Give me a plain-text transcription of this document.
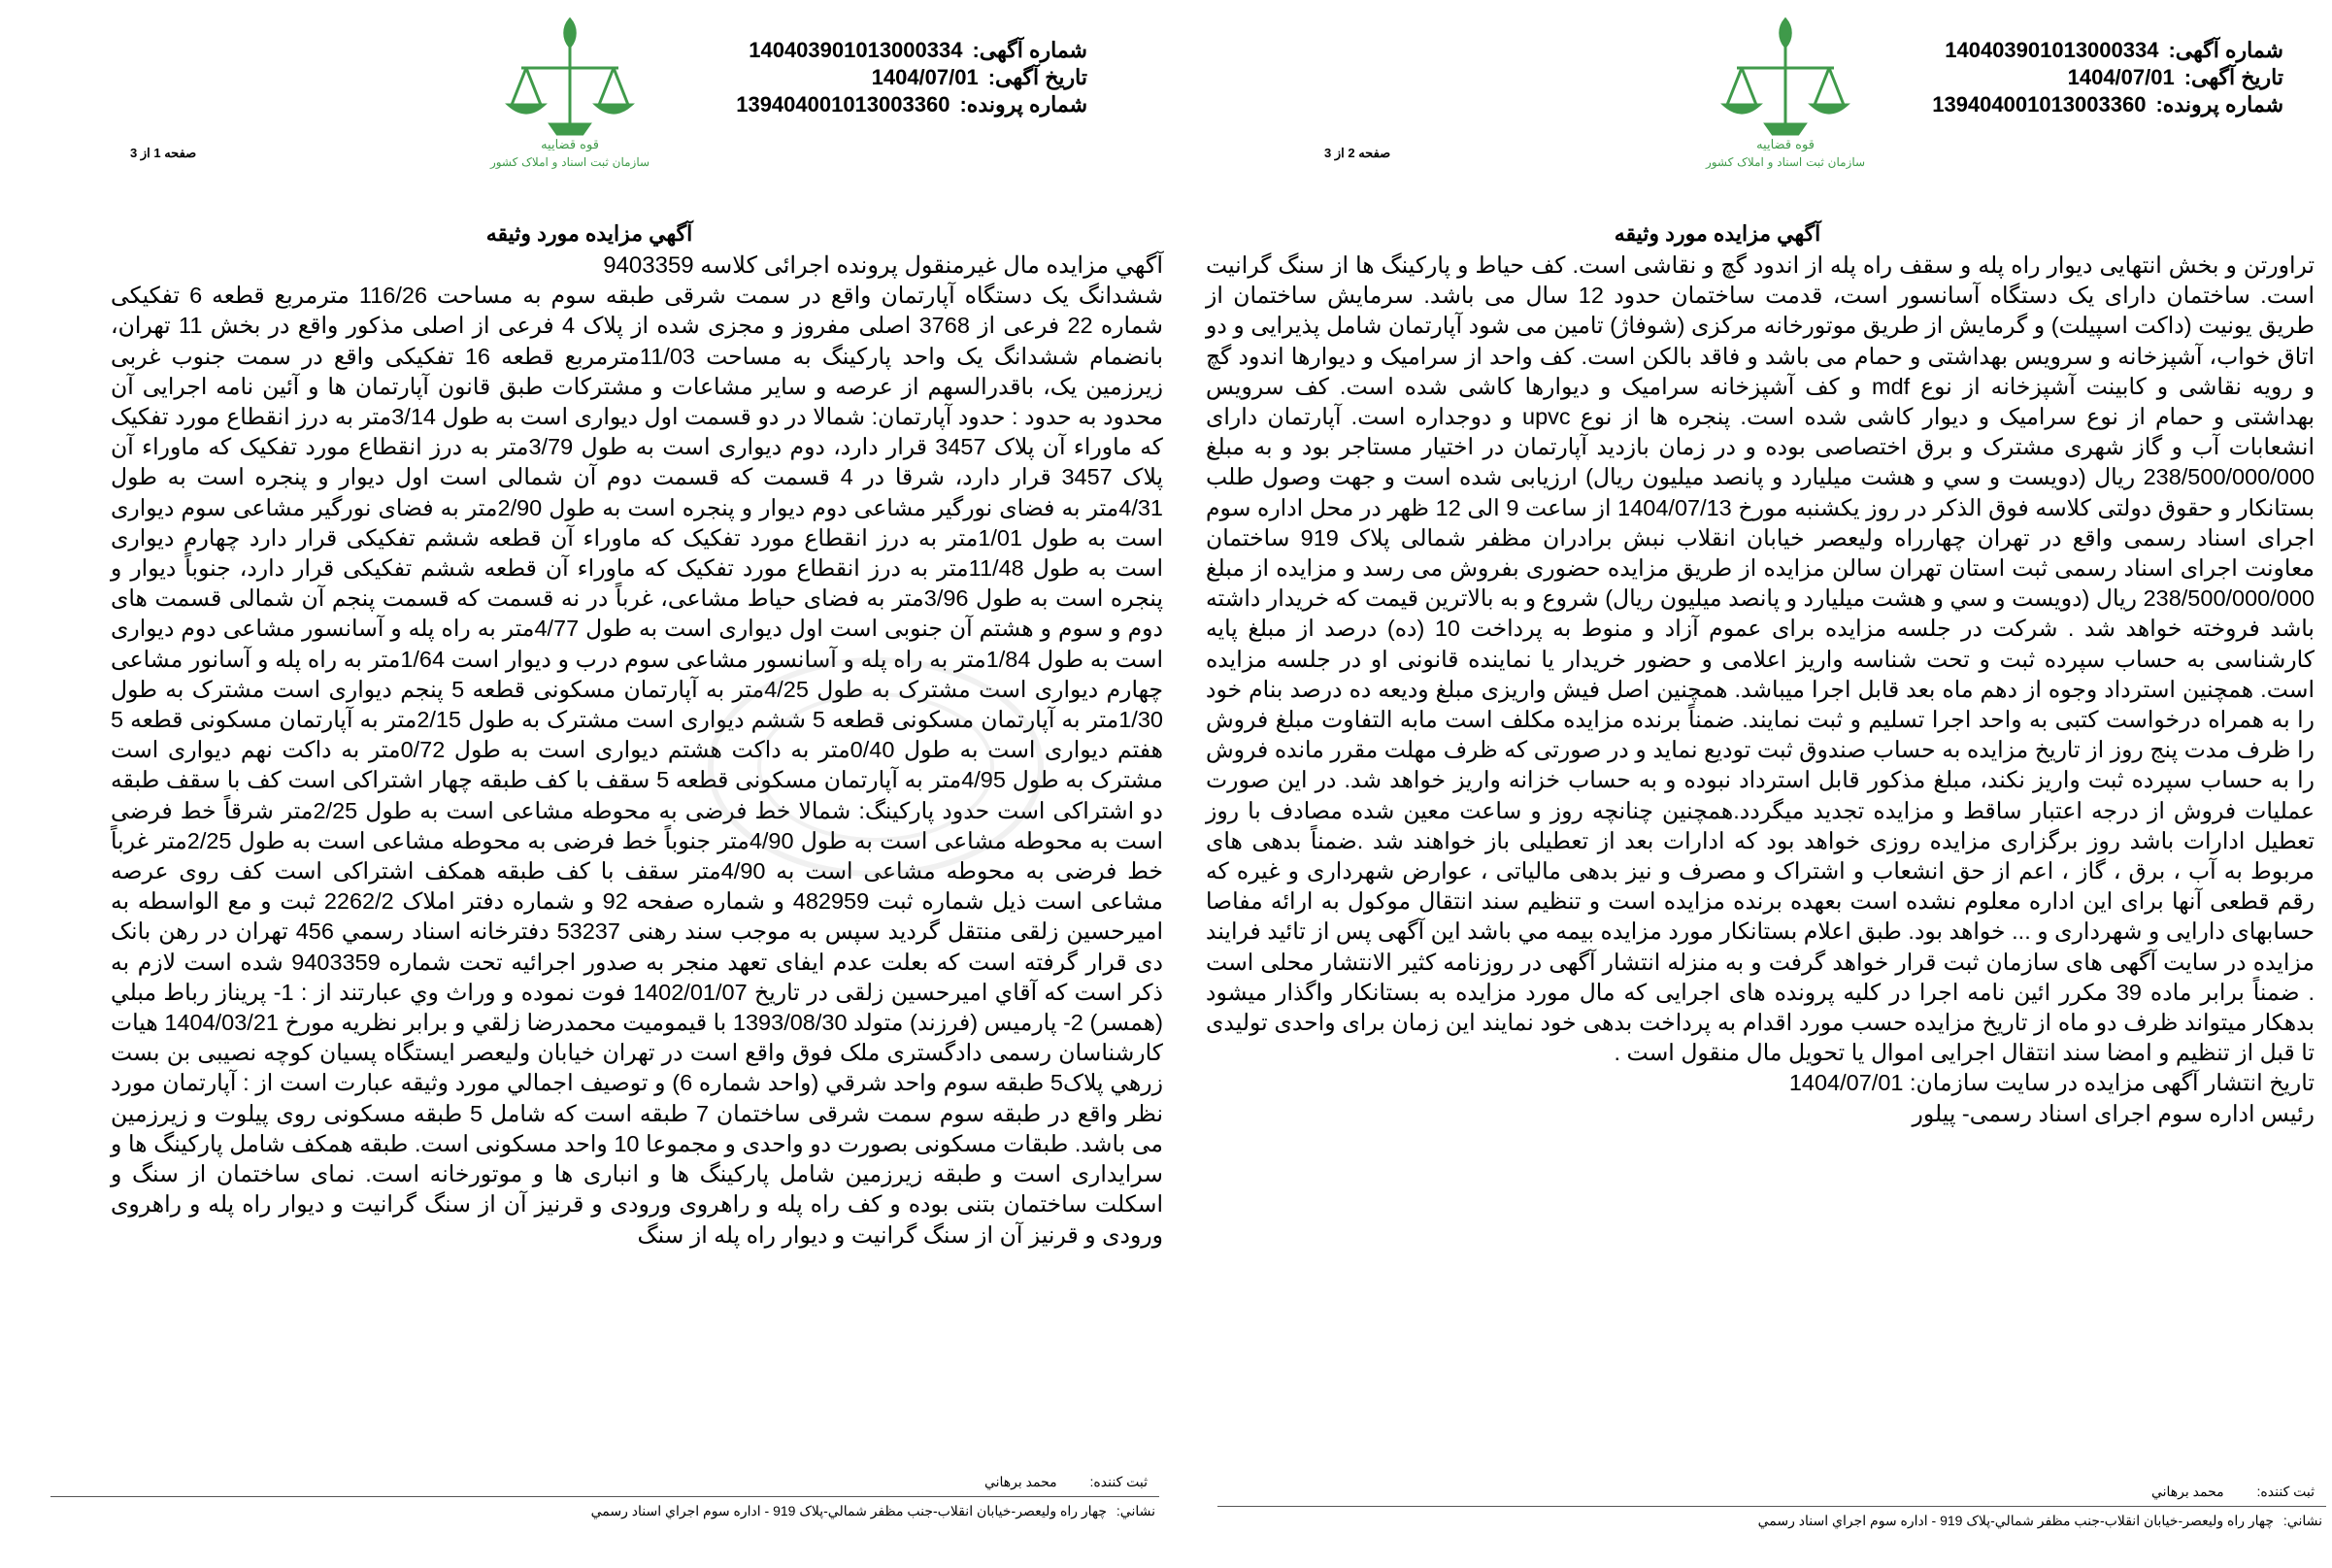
قوه قضاییه
سازمان ثبت اسناد و املاک کشور
شماره آگهی:140403901013000334
تاریخ آگهی:1404/07/01
شماره پرونده:139404001013003360
صفحه 2 از 3
آگهي مزايده مورد وثيقه

تراورتن و بخش انتهایی دیوار راه پله و سقف راه پله از اندود گچ و نقاشی است. کف حیاط و پارکینگ ها از سنگ گرانیت است. ساختمان دارای یک دستگاه آسانسور است، قدمت ساختمان حدود 12 سال می باشد. سرمایش ساختمان از طریق یونیت (داکت اسپیلت) و گرمایش از طریق موتورخانه مرکزی (شوفاژ) تامین می شود آپارتمان شامل پذیرایی و دو اتاق خواب، آشپزخانه و سرویس بهداشتی و حمام می باشد و فاقد بالکن است. کف واحد از سرامیک و دیوارها اندود گچ و رویه نقاشی و کابینت آشپزخانه از نوع mdf و کف آشپزخانه سرامیک و دیوارها کاشی شده است. کف سرویس بهداشتی و حمام از نوع سرامیک و دیوار کاشی شده است. پنجره ها از نوع upvc و دوجداره است. آپارتمان دارای انشعابات آب و گاز شهری مشترک و برق اختصاصی بوده و در زمان بازدید آپارتمان در اختیار مستاجر بود و به مبلغ 238/500/000/000 ريال (دويست و سي و هشت ميليارد و پانصد ميليون ريال) ارزيابی شده است و جهت وصول طلب بستانکار و حقوق دولتی کلاسه فوق الذکر در روز یکشنبه مورخ 1404/07/13 از ساعت 9 الی 12 ظهر در محل اداره سوم اجرای اسناد رسمی واقع در تهران چهارراه ولیعصر خیابان انقلاب نبش برادران مظفر شمالی پلاک 919 ساختمان معاونت اجرای اسناد رسمی ثبت استان تهران سالن مزایده از طريق مزايده حضوری بفروش می رسد و مزايده از مبلغ 238/500/000/000 ريال (دويست و سي و هشت ميليارد و پانصد ميليون ريال) شروع و به بالاترين قيمت كه خريدار داشته باشد فروخته خواهد شد . شركت در جلسه مزايده برای عموم آزاد و منوط به پرداخت 10 (ده) درصد از مبلغ پايه كارشناسی به حساب سپرده ثبت و تحت شناسه واريز اعلامی و حضور خريدار يا نماينده قانونی او در جلسه مزايده است. همچنين استرداد وجوه از دهم ماه بعد قابل اجرا ميباشد. همچنين اصل فيش واريزی مبلغ وديعه ده درصد بنام خود را به همراه درخواست كتبی به واحد اجرا تسليم و ثبت نمايند. ضمناً برنده مزايده مكلف است مابه التفاوت مبلغ فروش را ظرف مدت پنج روز از تاريخ مزايده به حساب صندوق ثبت توديع نمايد و در صورتی كه ظرف مهلت مقرر مانده فروش را به حساب سپرده ثبت واريز نكند، مبلغ مذكور قابل استرداد نبوده و به حساب خزانه واريز خواهد شد. در اين صورت عمليات فروش از درجه اعتبار ساقط و مزايده تجديد ميگردد.همچنين چنانچه روز و ساعت معين شده مصادف با روز تعطيل ادارات باشد روز برگزاری مزايده روزی خواهد بود كه ادارات بعد از تعطيلی باز خواهند شد .ضمناً بدهی های مربوط به آب ، برق ، گاز ، اعم از حق انشعاب و اشتراک و مصرف و نيز بدهی مالياتی ، عوارض شهرداری و غيره كه رقم قطعی آنها برای اين اداره معلوم نشده است بعهده برنده مزايده است و تنظيم سند انتقال موكول به ارائه مفاصا حسابهای دارايی و شهرداری و ... خواهد بود. طبق اعلام بستانکار مورد مزايده بيمه مي باشد اين آگهی پس از تائيد فرايند مزايده در سايت آگهی های سازمان ثبت قرار خواهد گرفت و به منزله انتشار آگهی در روزنامه كثير الانتشار محلی است . ضمناً برابر ماده 39 مكرر ائين نامه اجرا در كليه پرونده های اجرايی كه مال مورد مزايده به بستانكار واگذار ميشود بدهكار ميتواند ظرف دو ماه از تاريخ مزايده حسب مورد اقدام به پرداخت بدهی خود نمايند اين زمان برای واحدی توليدی تا قبل از تنظيم و امضا سند انتقال اجرايی اموال يا تحويل مال منقول است .

تاریخ انتشار آگهی مزایده در سایت سازمان: 1404/07/01

رئيس اداره سوم اجرای اسناد رسمی- پیلور

ثبت کننده: محمد برهاني
نشاني: چهار راه وليعصر-خيابان انقلاب-جنب مظفر شمالي-پلاک 919 - اداره سوم اجراي اسناد رسمي
قوه قضاییه
سازمان ثبت اسناد و املاک کشور
شماره آگهی:140403901013000334
تاریخ آگهی:1404/07/01
شماره پرونده:139404001013003360
صفحه 1 از 3
آگهي مزايده مورد وثيقه

آگهي مزايده مال غيرمنقول پرونده اجرائی کلاسه 9403359

ششدانگ يک دستگاه آپارتمان واقع در سمت شرقی طبقه سوم به مساحت 116/26 مترمربع قطعه 6 تفکیکی شماره 22 فرعی از 3768 اصلی مفروز و مجزی شده از پلاک 4 فرعی از اصلی مذکور واقع در بخش 11 تهران، بانضمام ششدانگ یک واحد پارکینگ به مساحت 11/03مترمربع قطعه 16 تفکیکی واقع در سمت جنوب غربی زیرزمین یک، باقدرالسهم از عرصه و سایر مشاعات و مشترکات طبق قانون آپارتمان ها و آئین نامه اجرایی آن محدود به حدود : حدود آپارتمان: شمالا در دو قسمت اول دیواری است به طول 3/14متر به درز انقطاع مورد تفکیک که ماوراء آن پلاک 3457 قرار دارد، دوم دیواری است به طول 3/79متر به درز انقطاع مورد تفکیک که ماوراء آن پلاک 3457 قرار دارد، شرقا در 4 قسمت که قسمت دوم آن شمالی است اول دیوار و پنجره است به طول 4/31متر به فضای نورگیر مشاعی دوم دیوار و پنجره است به طول 2/90متر به فضای نورگیر مشاعی سوم دیواری است به طول 1/01متر به درز انقطاع مورد تفکیک که ماوراء آن قطعه ششم تفکیکی قرار دارد چهارم دیواری است به طول 11/48متر به درز انقطاع مورد تفکیک که ماوراء آن قطعه ششم تفکیکی قرار دارد، جنوباً دیوار و پنجره است به طول 3/96متر به فضای حیاط مشاعی، غرباً در نه قسمت که قسمت پنجم آن شمالی قسمت های دوم و سوم و هشتم آن جنوبی است اول دیواری است به طول 4/77متر به راه پله و آسانسور مشاعی دوم دیواری است به طول 1/84متر به راه پله و آسانسور مشاعی سوم درب و دیوار است 1/64متر به راه پله و آسانور مشاعی چهارم دیواری است مشترک به طول 4/25متر به آپارتمان مسکونی قطعه 5 پنجم دیواری است مشترک به طول 1/30متر به آپارتمان مسکونی قطعه 5 ششم دیواری است مشترک به طول 2/15متر به آپارتمان مسکونی قطعه 5 هفتم دیواری است به طول 0/40متر به داکت هشتم دیواری است به طول 0/72متر به داکت نهم دیواری است مشترک به طول 4/95متر به آپارتمان مسکونی قطعه 5 سقف با کف طبقه چهار اشتراکی است کف با سقف طبقه دو اشتراکی است حدود پارکینگ: شمالا خط فرضی به محوطه مشاعی است به طول 2/25متر شرقاً خط فرضی است به محوطه مشاعی است به طول 4/90متر جنوباً خط فرضی به محوطه مشاعی است به طول 2/25متر غرباً خط فرضی به محوطه مشاعی است به 4/90متر سقف با کف طبقه همکف اشتراکی است کف روی عرصه مشاعی است ذیل شماره ثبت 482959 و شماره صفحه 92 و شماره دفتر املاک 2262/2 ثبت و مع الواسطه به امیرحسین زلقی منتقل گردید سپس به موجب سند رهنی 53237 دفترخانه اسناد رسمي 456 تهران در رهن بانک دی قرار گرفته است که بعلت عدم ایفای تعهد منجر به صدور اجرائیه تحت شماره 9403359 شده است لازم به ذکر است که آقاي اميرحسين زلقی در تاريخ 1402/01/07 فوت نموده و وراث وي عبارتند از : 1- پريناز رباط مبلي (همسر) 2- پارميس (فرزند) متولد 1393/08/30 با قيموميت محمدرضا زلقي و برابر نظريه مورخ 1404/03/21 هيات کارشناسان رسمی دادگستری ملک فوق واقع است در تهران خیابان ولیعصر ایستگاه پسیان کوچه نصیبی بن بست زرهي پلاک5 طبقه سوم واحد شرقي (واحد شماره 6) و توصيف اجمالي مورد وثيقه عبارت است از : آپارتمان مورد نظر واقع در طبقه سوم سمت شرقی ساختمان 7 طبقه است که شامل 5 طبقه مسکونی روی پیلوت و زیرزمین می باشد. طبقات مسکونی بصورت دو واحدی و مجموعا 10 واحد مسکونی است. طبقه همکف شامل پارکینگ ها و سرایداری است و طبقه زیرزمین شامل پارکینگ ها و انباری ها و موتورخانه است. نمای ساختمان از سنگ و اسکلت ساختمان بتنی بوده و کف راه پله و راهروی ورودی و قرنیز آن از سنگ گرانیت و دیوار راه پله و راهروی ورودی و قرنیز آن از سنگ گرانیت و دیوار راه پله از سنگ

ثبت کننده: محمد برهاني
نشاني: چهار راه وليعصر-خيابان انقلاب-جنب مظفر شمالي-پلاک 919 - اداره سوم اجراي اسناد رسمي
